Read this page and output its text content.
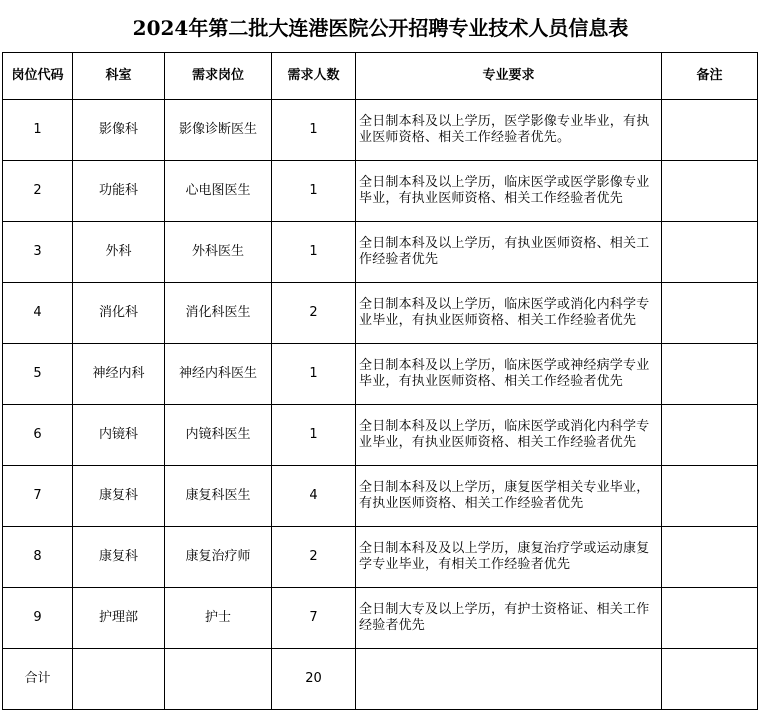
2024年第二批大连港医院公开招聘专业技术人员信息表
岗位代码	科室	需求岗位	需求人数	专业要求	备注
1	影像科	影像诊断医生	1	全日制本科及以上学历，医学影像专业毕业，有执业医师资格、相关工作经验者优先。	
2	功能科	心电图医生	1	全日制本科及以上学历，临床医学或医学影像专业毕业，有执业医师资格、相关工作经验者优先	
3	外科	外科医生	1	全日制本科及以上学历，有执业医师资格、相关工作经验者优先	
4	消化科	消化科医生	2	全日制本科及以上学历，临床医学或消化内科学专业毕业，有执业医师资格、相关工作经验者优先	
5	神经内科	神经内科医生	1	全日制本科及以上学历，临床医学或神经病学专业毕业，有执业医师资格、相关工作经验者优先	
6	内镜科	内镜科医生	1	全日制本科及以上学历，临床医学或消化内科学专业毕业，有执业医师资格、相关工作经验者优先	
7	康复科	康复科医生	4	全日制本科及以上学历，康复医学相关专业毕业，有执业医师资格、相关工作经验者优先	
8	康复科	康复治疗师	2	全日制本科及及以上学历，康复治疗学或运动康复学专业毕业，有相关工作经验者优先	
9	护理部	护士	7	全日制大专及以上学历，有护士资格证、相关工作经验者优先	
合计			20		
